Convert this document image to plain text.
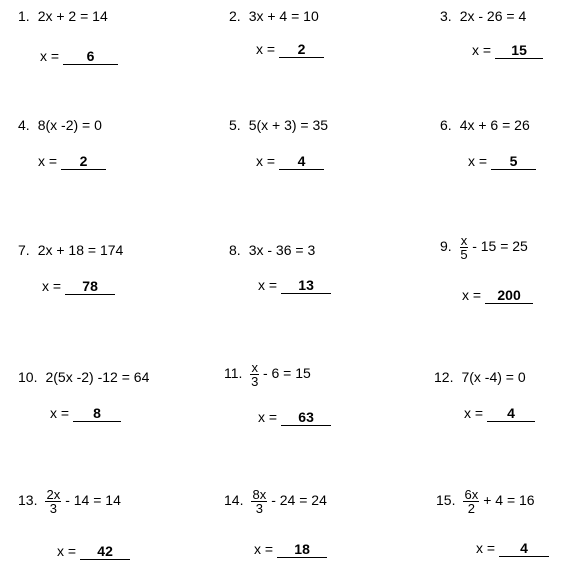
1. 2x + 2 = 14
x = 6
2. 3x + 4 = 10
x = 2
3. 2x - 26 = 4
x = 15
4. 8(x -2) = 0
x = 2
5. 5(x + 3) = 35
x = 4
6. 4x + 6 = 26
x = 5
7. 2x + 18 = 174
x = 78
8. 3x - 36 = 3
x = 13
9. $\frac{x}{5} - 15 = 25$
x = 200
10. 2(5x -2) -12 = 64
x = 8
11. $\frac{x}{3} - 6 = 15$
x = 63
12. 7(x -4) = 0
x = 4
13. $\frac{2x}{3} - 14 = 14$
x = 42
14. $\frac{8x}{3} - 24 = 24$
x = 18
15. $\frac{6x}{2} + 4 = 16$
x = 4
